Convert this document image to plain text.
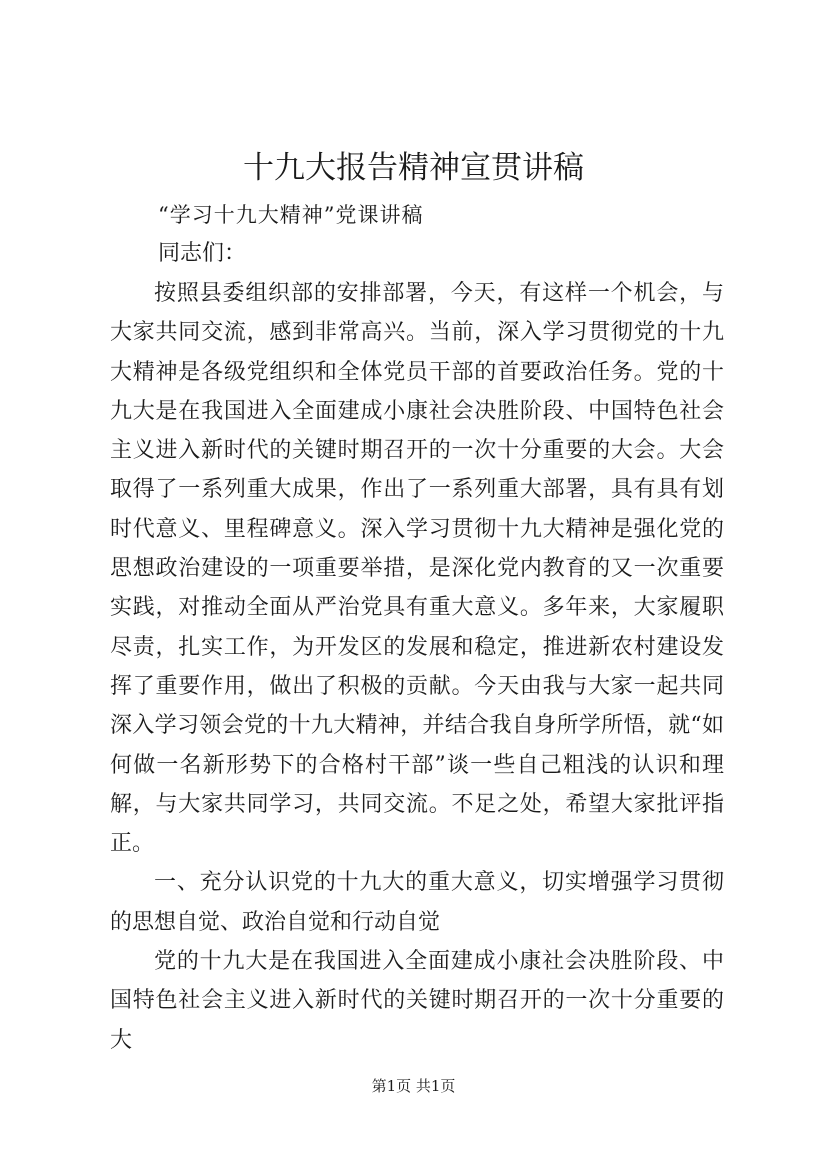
十九大报告精神宣贯讲稿

“学习十九大精神”党课讲稿

同志们：

按照县委组织部的安排部署，今天，有这样一个机会，与大家共同交流，感到非常高兴。当前，深入学习贯彻党的十九大精神是各级党组织和全体党员干部的首要政治任务。党的十九大是在我国进入全面建成小康社会决胜阶段、中国特色社会主义进入新时代的关键时期召开的一次十分重要的大会。大会取得了一系列重大成果，作出了一系列重大部署，具有具有划时代意义、里程碑意义。深入学习贯彻十九大精神是强化党的思想政治建设的一项重要举措，是深化党内教育的又一次重要实践，对推动全面从严治党具有重大意义。多年来，大家履职尽责，扎实工作，为开发区的发展和稳定，推进新农村建设发挥了重要作用，做出了积极的贡献。今天由我与大家一起共同深入学习领会党的十九大精神，并结合我自身所学所悟，就“如何做一名新形势下的合格村干部”谈一些自己粗浅的认识和理解，与大家共同学习，共同交流。不足之处，希望大家批评指正。

一、充分认识党的十九大的重大意义，切实增强学习贯彻的思想自觉、政治自觉和行动自觉

党的十九大是在我国进入全面建成小康社会决胜阶段、中国特色社会主义进入新时代的关键时期召开的一次十分重要的大

第1页 共1页
